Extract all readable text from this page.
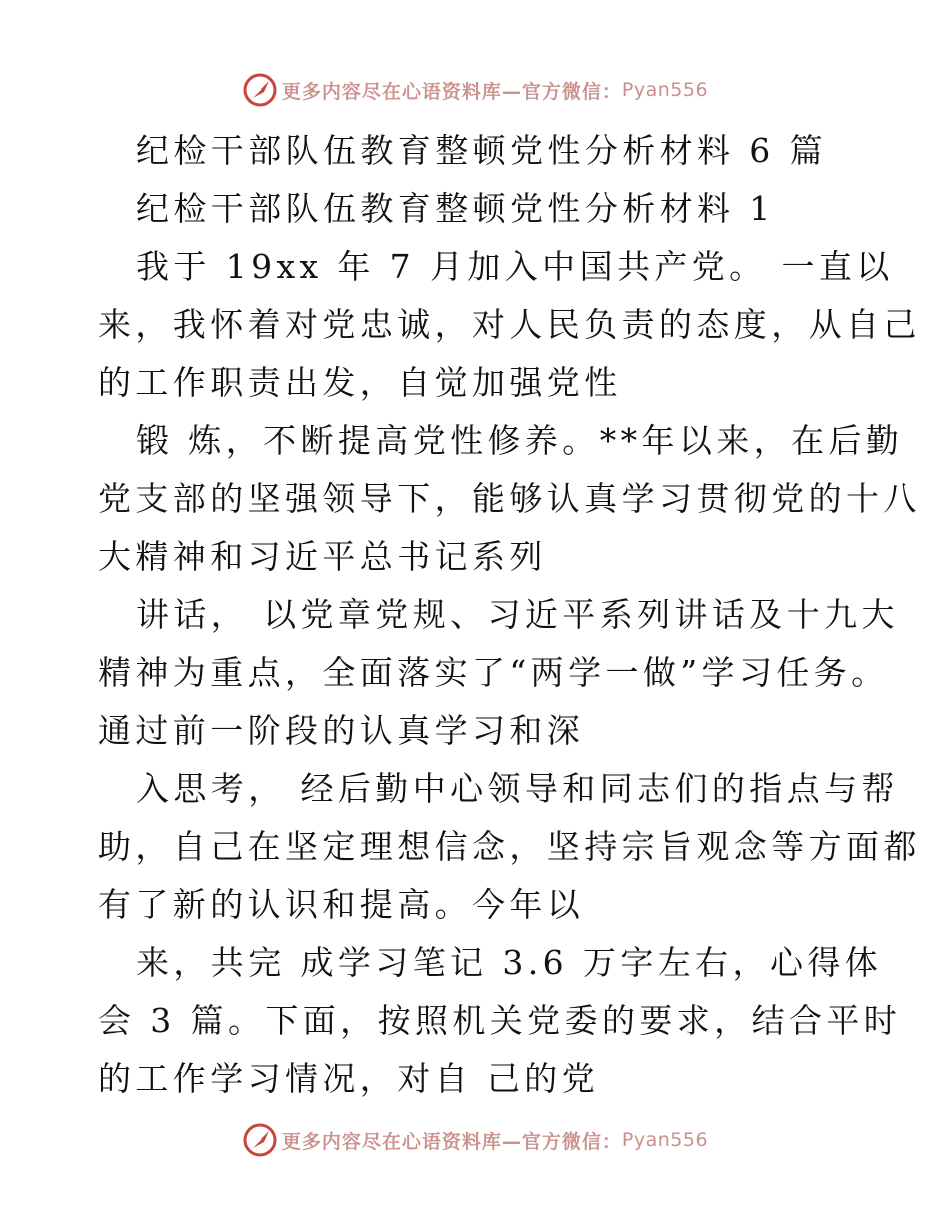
更多内容尽在心语资料库—官方微信： Pyan556
纪检干部队伍教育整顿党性分析材料 6 篇
纪检干部队伍教育整顿党性分析材料 1
我于 19xx 年 7 月加入中国共产党。 一直以
来，我怀着对党忠诚，对人民负责的态度，从自己
的工作职责出发，自觉加强党性
锻 炼，不断提高党性修养。**年以来，在后勤
党支部的坚强领导下，能够认真学习贯彻党的十八
大精神和习近平总书记系列
讲话， 以党章党规、习近平系列讲话及十九大
精神为重点，全面落实了“两学一做”学习任务。
通过前一阶段的认真学习和深
入思考， 经后勤中心领导和同志们的指点与帮
助，自己在坚定理想信念，坚持宗旨观念等方面都
有了新的认识和提高。今年以
来，共完 成学习笔记 3.6 万字左右，心得体
会 3 篇。下面，按照机关党委的要求，结合平时
的工作学习情况，对自 己的党
更多内容尽在心语资料库—官方微信： Pyan556
